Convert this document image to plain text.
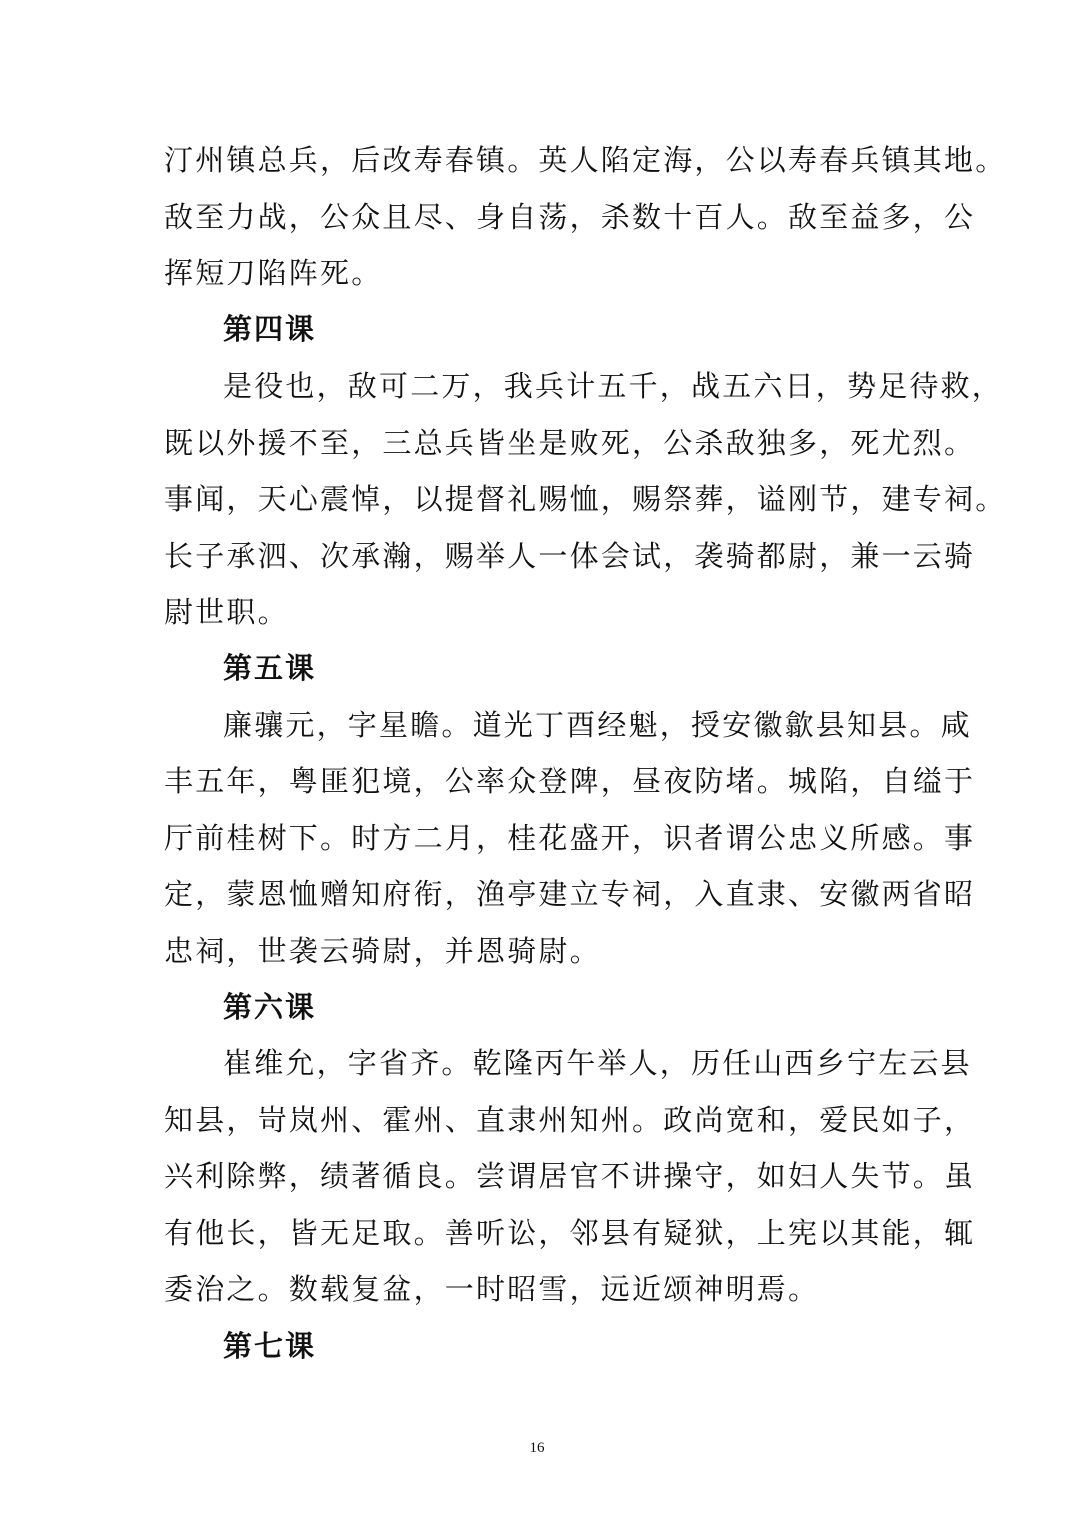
汀州镇总兵，后改寿春镇。英人陷定海，公以寿春兵镇其地。
敌至力战，公众且尽、身自荡，杀数十百人。敌至益多，公
挥短刀陷阵死。
第四课
是役也，敌可二万，我兵计五千，战五六日，势足待救，
既以外援不至，三总兵皆坐是败死，公杀敌独多，死尤烈。
事闻，天心震悼，以提督礼赐恤，赐祭葬，谥刚节，建专祠。
长子承泗、次承瀚，赐举人一体会试，袭骑都尉，兼一云骑
尉世职。
第五课
廉骧元，字星瞻。道光丁酉经魁，授安徽歙县知县。咸
丰五年，粤匪犯境，公率众登陴，昼夜防堵。城陷，自缢于
厅前桂树下。时方二月，桂花盛开，识者谓公忠义所感。事
定，蒙恩恤赠知府衔，渔亭建立专祠，入直隶、安徽两省昭
忠祠，世袭云骑尉，并恩骑尉。
第六课
崔维允，字省齐。乾隆丙午举人，历任山西乡宁左云县
知县，岢岚州、霍州、直隶州知州。政尚宽和，爱民如子，
兴利除弊，绩著循良。尝谓居官不讲操守，如妇人失节。虽
有他长，皆无足取。善听讼，邻县有疑狱，上宪以其能，辄
委治之。数载复盆，一时昭雪，远近颂神明焉。
第七课
16
